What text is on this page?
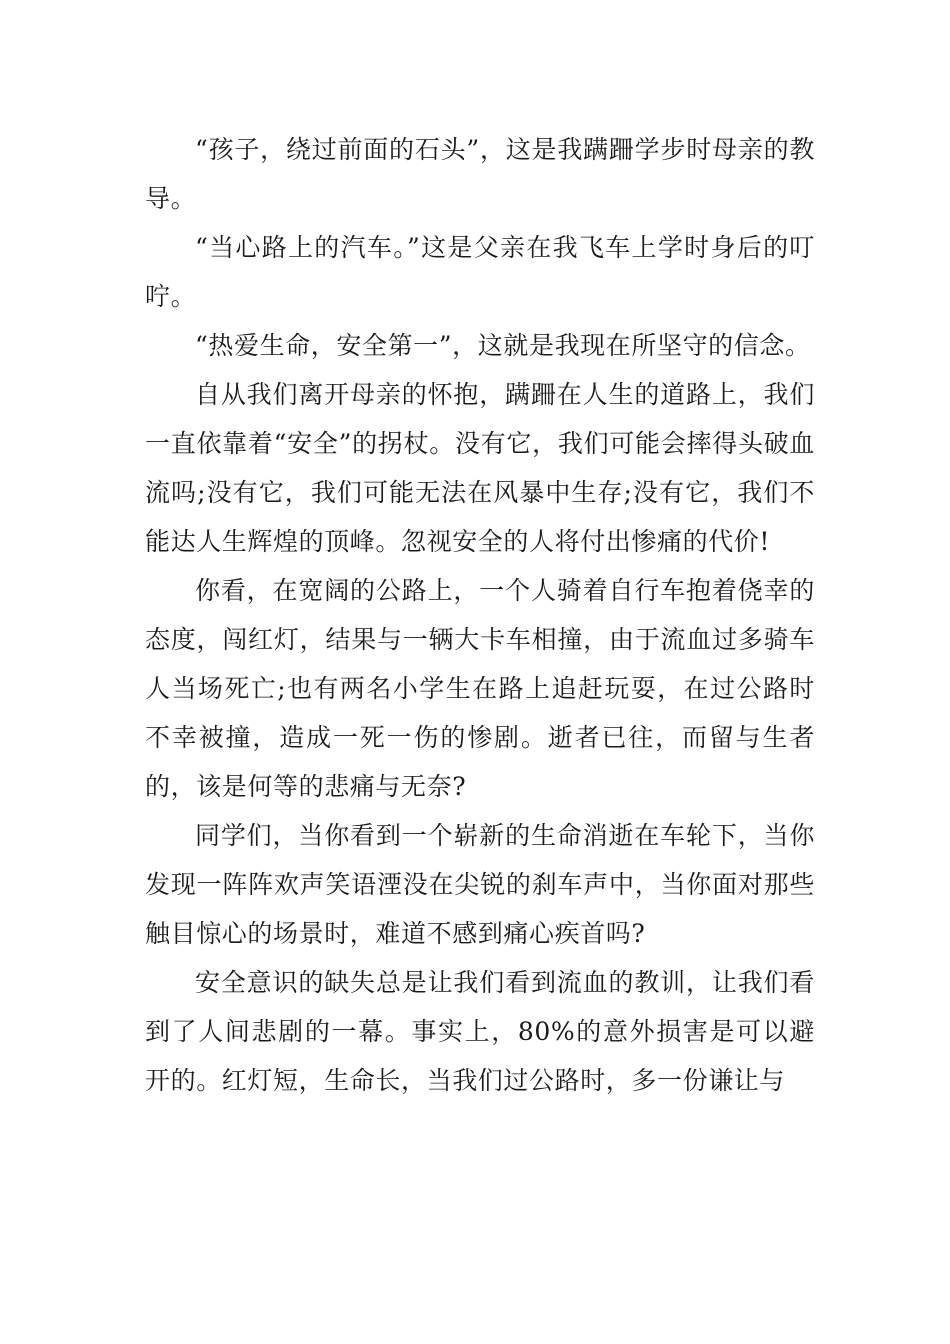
“孩子，绕过前面的石头”，这是我蹒跚学步时母亲的教导。

“当心路上的汽车。”这是父亲在我飞车上学时身后的叮咛。

“热爱生命，安全第一”，这就是我现在所坚守的信念。

自从我们离开母亲的怀抱，蹒跚在人生的道路上，我们一直依靠着“安全”的拐杖。没有它，我们可能会摔得头破血流吗;没有它，我们可能无法在风暴中生存;没有它，我们不能达人生辉煌的顶峰。忽视安全的人将付出惨痛的代价!

你看，在宽阔的公路上，一个人骑着自行车抱着侥幸的态度，闯红灯，结果与一辆大卡车相撞，由于流血过多骑车人当场死亡;也有两名小学生在路上追赶玩耍，在过公路时不幸被撞，造成一死一伤的惨剧。逝者已往，而留与生者的，该是何等的悲痛与无奈?

同学们，当你看到一个崭新的生命消逝在车轮下，当你发现一阵阵欢声笑语湮没在尖锐的刹车声中，当你面对那些触目惊心的场景时，难道不感到痛心疾首吗?

安全意识的缺失总是让我们看到流血的教训，让我们看到了人间悲剧的一幕。事实上，80%的意外损害是可以避开的。红灯短，生命长，当我们过公路时，多一份谦让与
